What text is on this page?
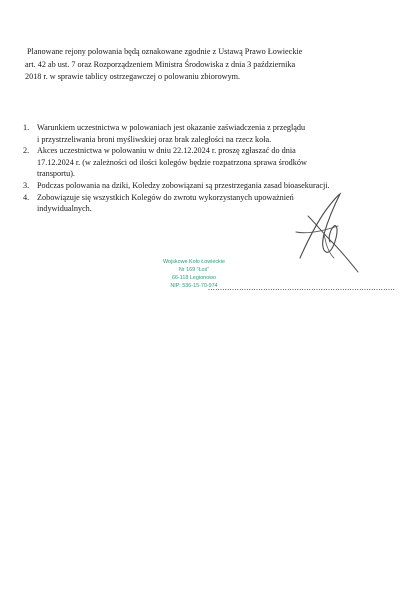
Planowane rejony polowania będą oznakowane zgodnie z Ustawą Prawo Łowieckie
art. 42 ab ust. 7 oraz Rozporządzeniem Ministra Środowiska z dnia 3 października
2018 r. w sprawie tablicy ostrzegawczej o polowaniu zbiorowym.
1. Warunkiem uczestnictwa w polowaniach jest okazanie zaświadczenia z przeglądu
i przystrzeliwania broni myśliwskiej oraz brak zaległości na rzecz koła.
2. Akces uczestnictwa w polowaniu w dniu 22.12.2024 r. proszę zgłaszać do dnia
17.12.2024 r. (w zależności od ilości kolegów będzie rozpatrzona sprawa środków
transportu).
3. Podczas polowania na dziki, Koledzy zobowiązani są przestrzegania zasad bioasekuracji.
4. Zobowiązuje się wszystkich Kolegów do zwrotu wykorzystanych upoważnień
indywidualnych.
Wojskowe Koło Łowieckie
Nr 169 "Łoś"
66-118 Legionowo
NIP: 536-15-70-974
..............................................................................
